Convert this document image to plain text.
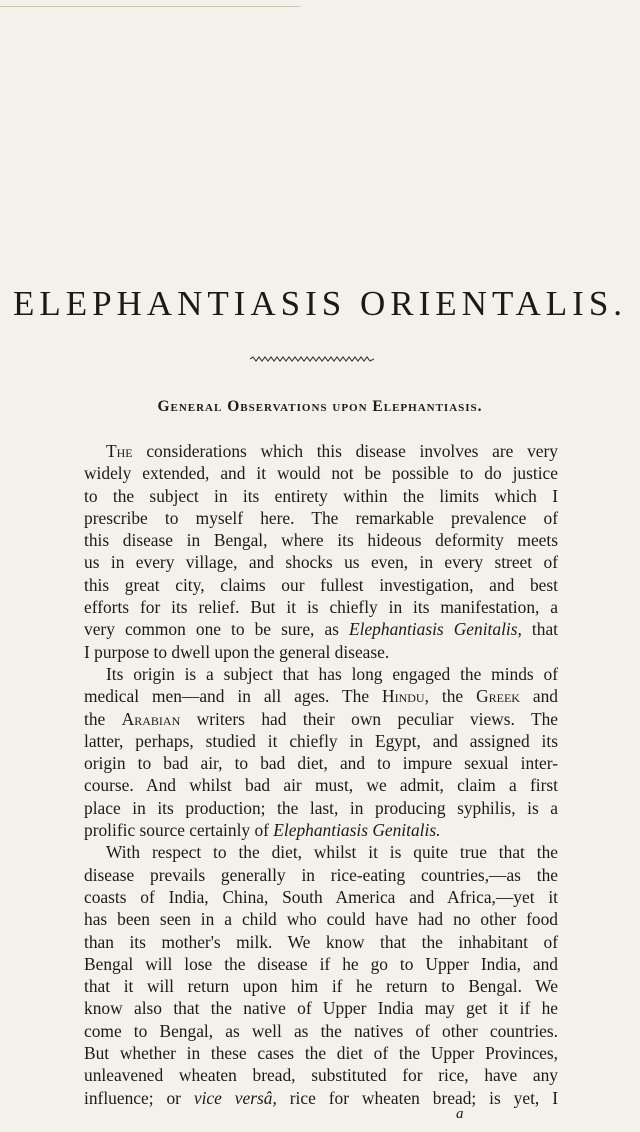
ELEPHANTIASIS ORIENTALIS.
General Observations upon Elephantiasis.
The considerations which this disease involves are very
widely extended, and it would not be possible to do justice
to the subject in its entirety within the limits which I
prescribe to myself here. The remarkable prevalence of
this disease in Bengal, where its hideous deformity meets
us in every village, and shocks us even, in every street of
this great city, claims our fullest investigation, and best
efforts for its relief. But it is chiefly in its manifestation, a
very common one to be sure, as Elephantiasis Genitalis, that
I purpose to dwell upon the general disease.
Its origin is a subject that has long engaged the minds of
medical men—and in all ages. The Hindu, the Greek and
the Arabian writers had their own peculiar views. The
latter, perhaps, studied it chiefly in Egypt, and assigned its
origin to bad air, to bad diet, and to impure sexual inter-
course. And whilst bad air must, we admit, claim a first
place in its production; the last, in producing syphilis, is a
prolific source certainly of Elephantiasis Genitalis.
With respect to the diet, whilst it is quite true that the
disease prevails generally in rice-eating countries,—as the
coasts of India, China, South America and Africa,—yet it
has been seen in a child who could have had no other food
than its mother's milk. We know that the inhabitant of
Bengal will lose the disease if he go to Upper India, and
that it will return upon him if he return to Bengal. We
know also that the native of Upper India may get it if he
come to Bengal, as well as the natives of other countries.
But whether in these cases the diet of the Upper Provinces,
unleavened wheaten bread, substituted for rice, have any
influence; or vice versâ, rice for wheaten bread; is yet, I
a
